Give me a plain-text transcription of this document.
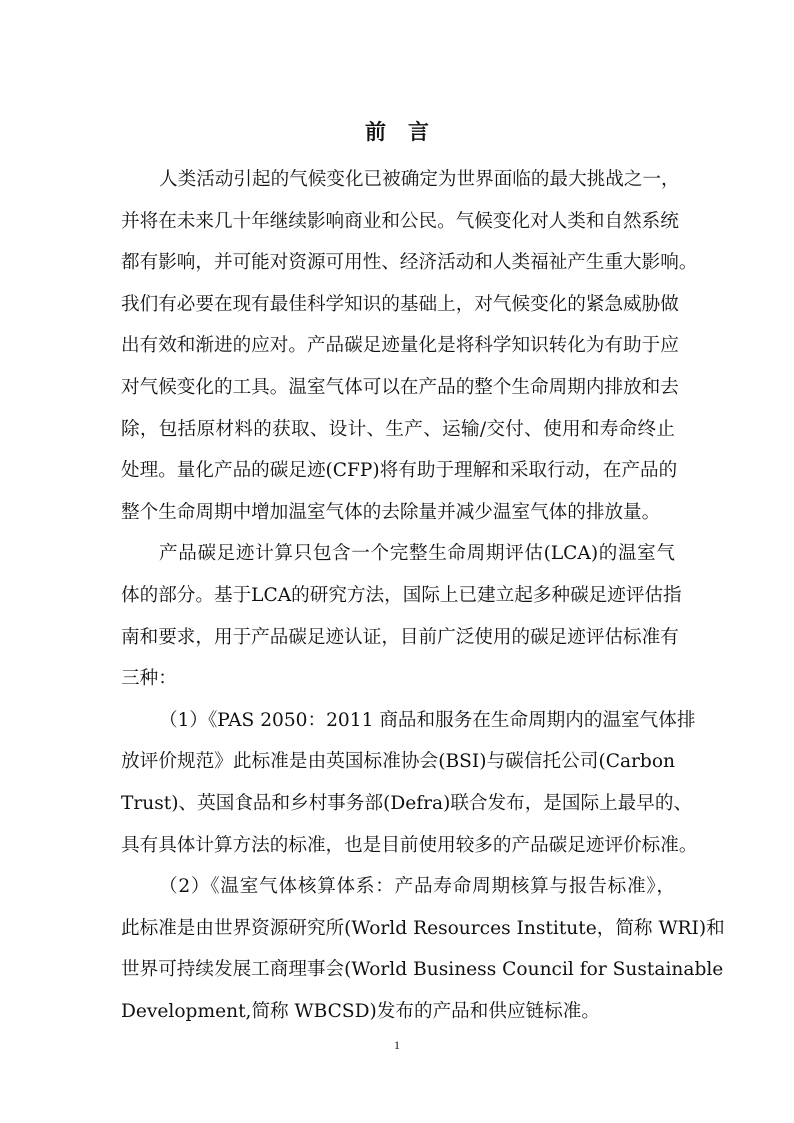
前言
人类活动引起的气候变化已被确定为世界面临的最大挑战之一，
并将在未来几十年继续影响商业和公民。气候变化对人类和自然系统
都有影响，并可能对资源可用性、经济活动和人类福祉产生重大影响。
我们有必要在现有最佳科学知识的基础上，对气候变化的紧急威胁做
出有效和渐进的应对。产品碳足迹量化是将科学知识转化为有助于应
对气候变化的工具。温室气体可以在产品的整个生命周期内排放和去
除，包括原材料的获取、设计、生产、运输/交付、使用和寿命终止
处理。量化产品的碳足迹(CFP)将有助于理解和采取行动，在产品的
整个生命周期中增加温室气体的去除量并减少温室气体的排放量。
产品碳足迹计算只包含一个完整生命周期评估(LCA)的温室气
体的部分。基于LCA的研究方法，国际上已建立起多种碳足迹评估指
南和要求，用于产品碳足迹认证，目前广泛使用的碳足迹评估标准有
三种：
（1）《PAS 2050：2011 商品和服务在生命周期内的温室气体排
放评价规范》此标准是由英国标准协会(BSI)与碳信托公司(Carbon
Trust)、英国食品和乡村事务部(Defra)联合发布，是国际上最早的、
具有具体计算方法的标准，也是目前使用较多的产品碳足迹评价标准。
（2）《温室气体核算体系：产品寿命周期核算与报告标准》，
此标准是由世界资源研究所(World Resources Institute，简称 WRI)和
世界可持续发展工商理事会(World Business Council for Sustainable
Development,简称 WBCSD)发布的产品和供应链标准。
1
